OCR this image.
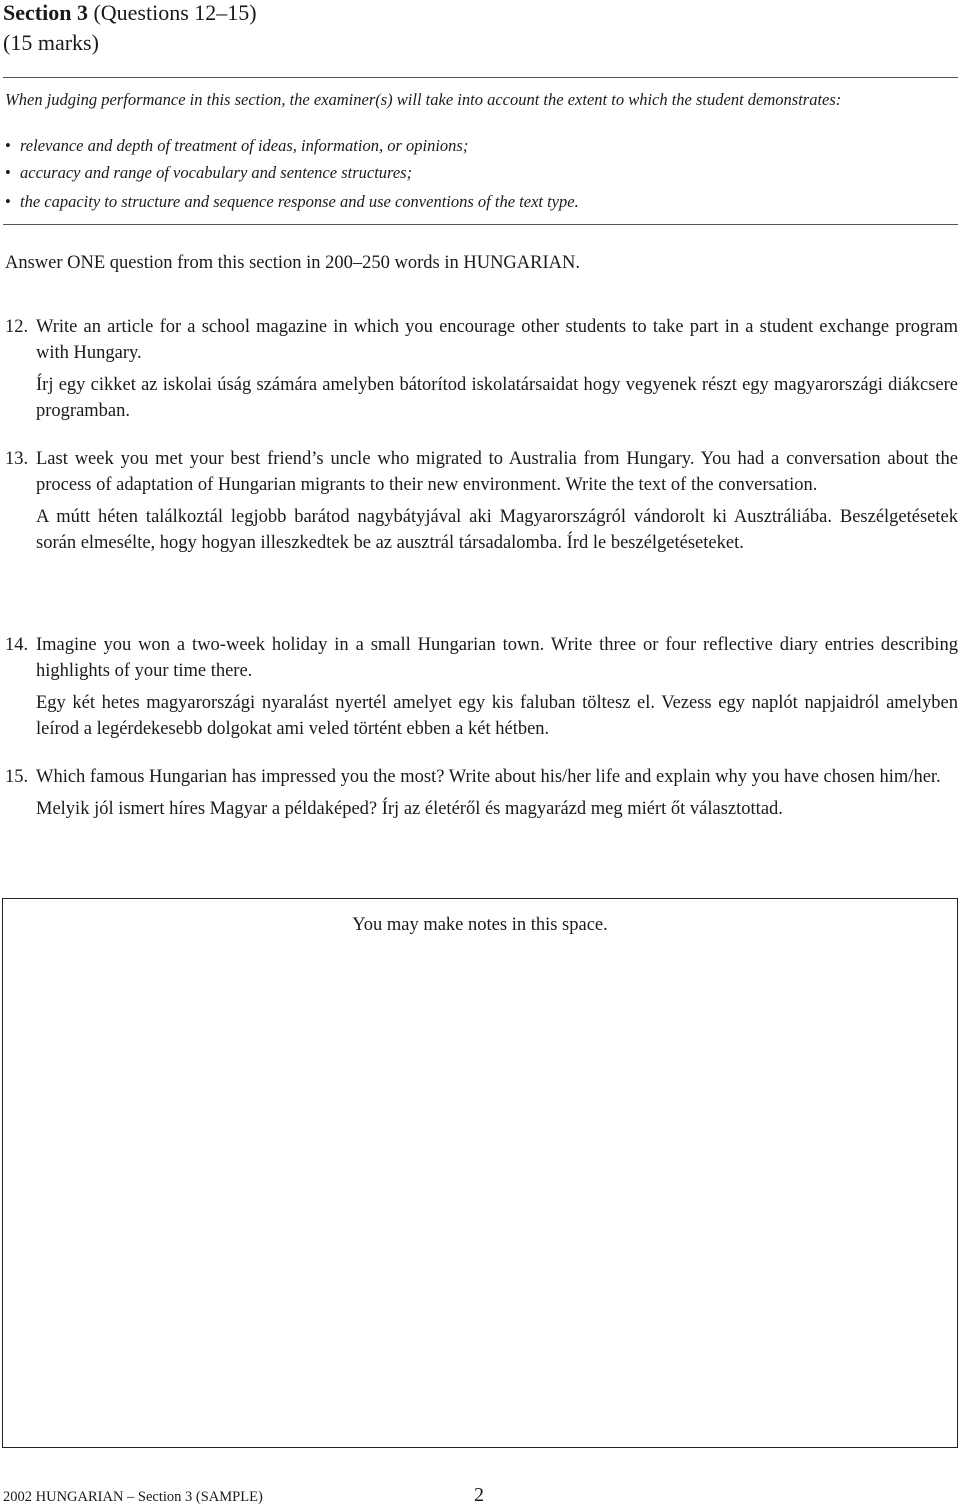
Section 3 (Questions 12–15)
(15 marks)
When judging performance in this section, the examiner(s) will take into account the extent to which the student demonstrates:
• relevance and depth of treatment of ideas, information, or opinions;
• accuracy and range of vocabulary and sentence structures;
• the capacity to structure and sequence response and use conventions of the text type.
Answer ONE question from this section in 200–250 words in HUNGARIAN.
12. Write an article for a school magazine in which you encourage other students to take part in a student exchange program with Hungary.
Írj egy cikket az iskolai úság számára amelyben bátorítod iskolatársaidat hogy vegyenek részt egy magyarországi diákcsere programban.
13. Last week you met your best friend’s uncle who migrated to Australia from Hungary. You had a conversation about the process of adaptation of Hungarian migrants to their new environment. Write the text of the conversation.
A mútt héten találkoztál legjobb barátod nagybátyjával aki Magyarországról vándorolt ki Ausztráliába. Beszélgetésetek során elmesélte, hogy hogyan illeszkedtek be az ausztrál társadalomba. Írd le beszélgetéseteket.
14. Imagine you won a two-week holiday in a small Hungarian town. Write three or four reflective diary entries describing highlights of your time there.
Egy két hetes magyarországi nyaralást nyertél amelyet egy kis faluban töltesz el. Vezess egy naplót napjaidról amelyben leírod a legérdekesebb dolgokat ami veled történt ebben a két hétben.
15. Which famous Hungarian has impressed you the most? Write about his/her life and explain why you have chosen him/her.
Melyik jól ismert híres Magyar a példaképed? Írj az életéről és magyarázd meg miért őt választottad.
You may make notes in this space.
2002 HUNGARIAN – Section 3 (SAMPLE)	2
